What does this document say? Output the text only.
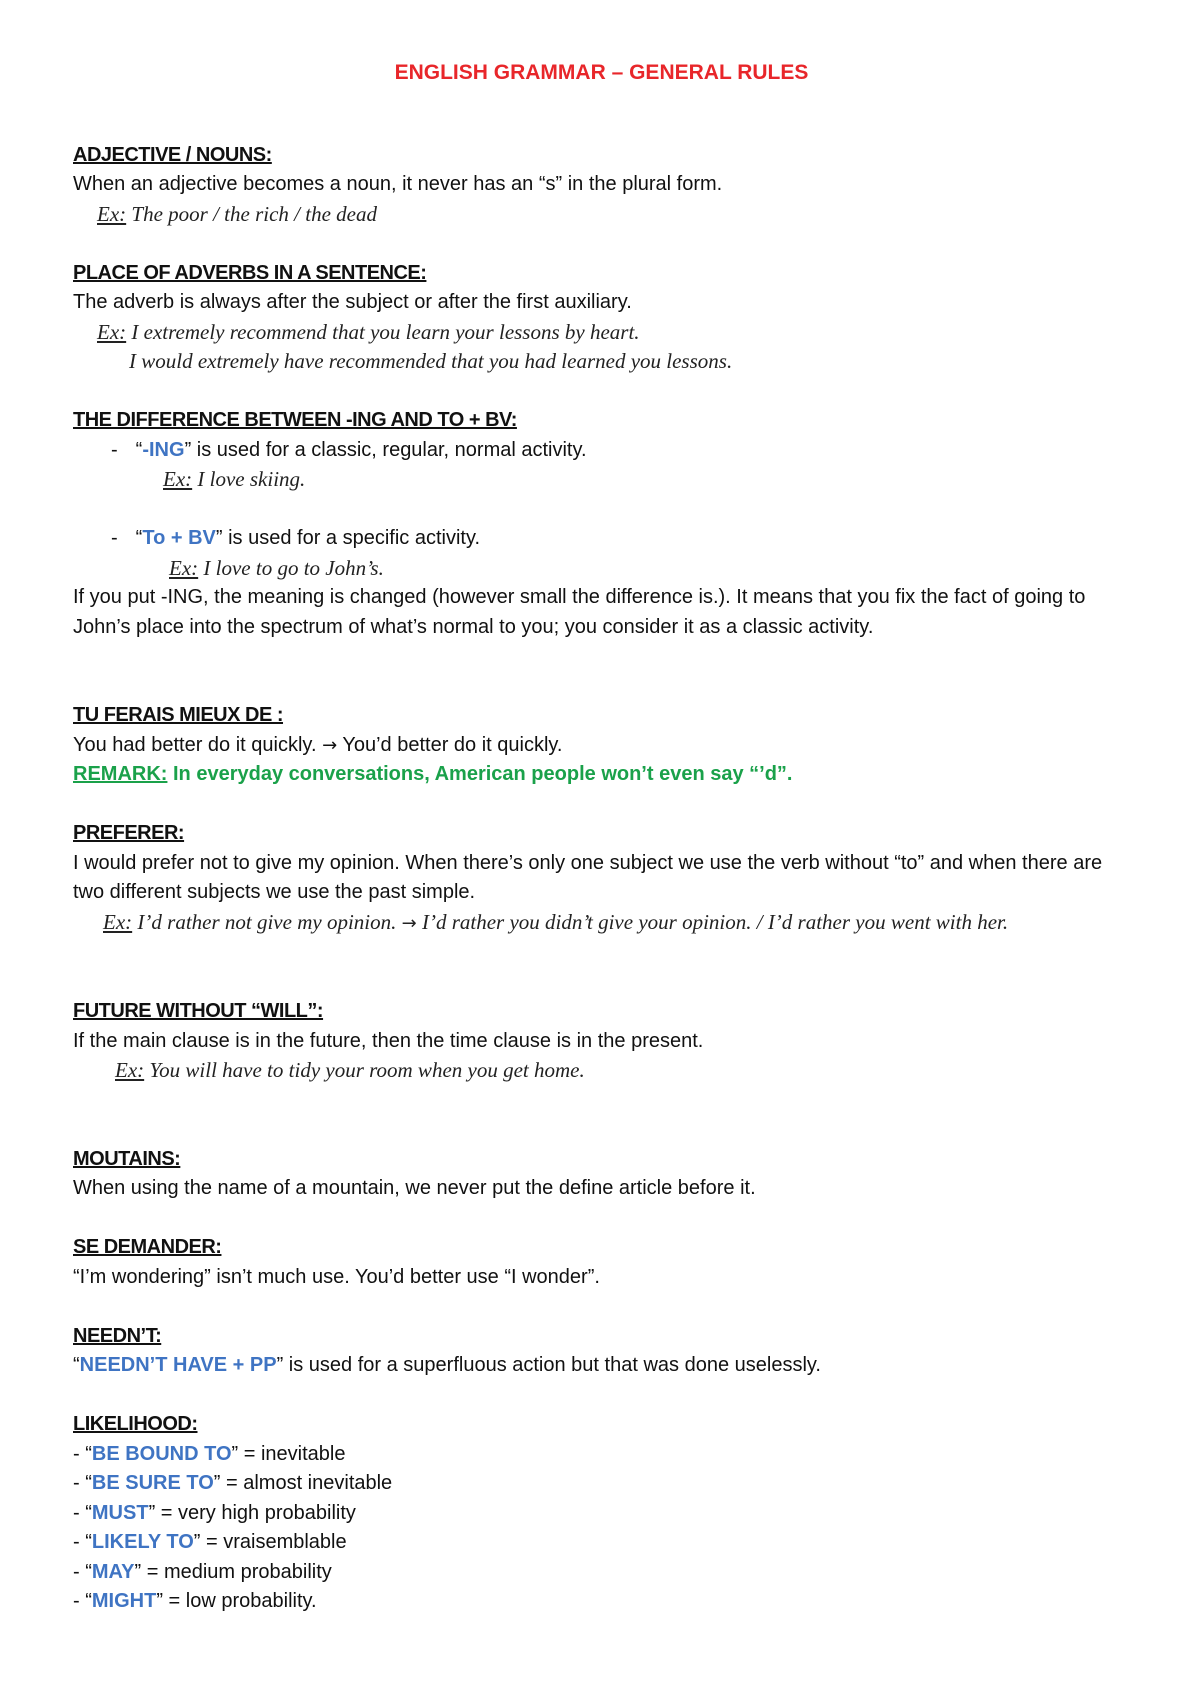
ENGLISH GRAMMAR – GENERAL RULES
ADJECTIVE / NOUNS:
When an adjective becomes a noun, it never has an “s” in the plural form.
Ex: The poor / the rich / the dead
PLACE OF ADVERBS IN A SENTENCE:
The adverb is always after the subject or after the first auxiliary.
Ex: I extremely recommend that you learn your lessons by heart.
I would extremely have recommended that you had learned you lessons.
THE DIFFERENCE BETWEEN -ING AND TO + BV:
- “-ING” is used for a classic, regular, normal activity.
Ex: I love skiing.
- “To + BV” is used for a specific activity.
Ex: I love to go to John’s.
If you put -ING, the meaning is changed (however small the difference is.). It means that you fix the fact of going to John’s place into the spectrum of what’s normal to you; you consider it as a classic activity.
TU FERAIS MIEUX DE :
You had better do it quickly. → You’d better do it quickly.
REMARK: In everyday conversations, American people won’t even say “’d”.
PREFERER:
I would prefer not to give my opinion. When there’s only one subject we use the verb without “to” and when there are two different subjects we use the past simple.
Ex: I’d rather not give my opinion. → I’d rather you didn’t give your opinion. / I’d rather you went with her.
FUTURE WITHOUT “WILL”:
If the main clause is in the future, then the time clause is in the present.
Ex: You will have to tidy your room when you get home.
MOUTAINS:
When using the name of a mountain, we never put the define article before it.
SE DEMANDER:
“I’m wondering” isn’t much use. You’d better use “I wonder”.
NEEDN’T:
“NEEDN’T HAVE + PP” is used for a superfluous action but that was done uselessly.
LIKELIHOOD:
- “BE BOUND TO” = inevitable
- “BE SURE TO” = almost inevitable
- “MUST” = very high probability
- “LIKELY TO” = vraisemblable
- “MAY” = medium probability
- “MIGHT” = low probability.
